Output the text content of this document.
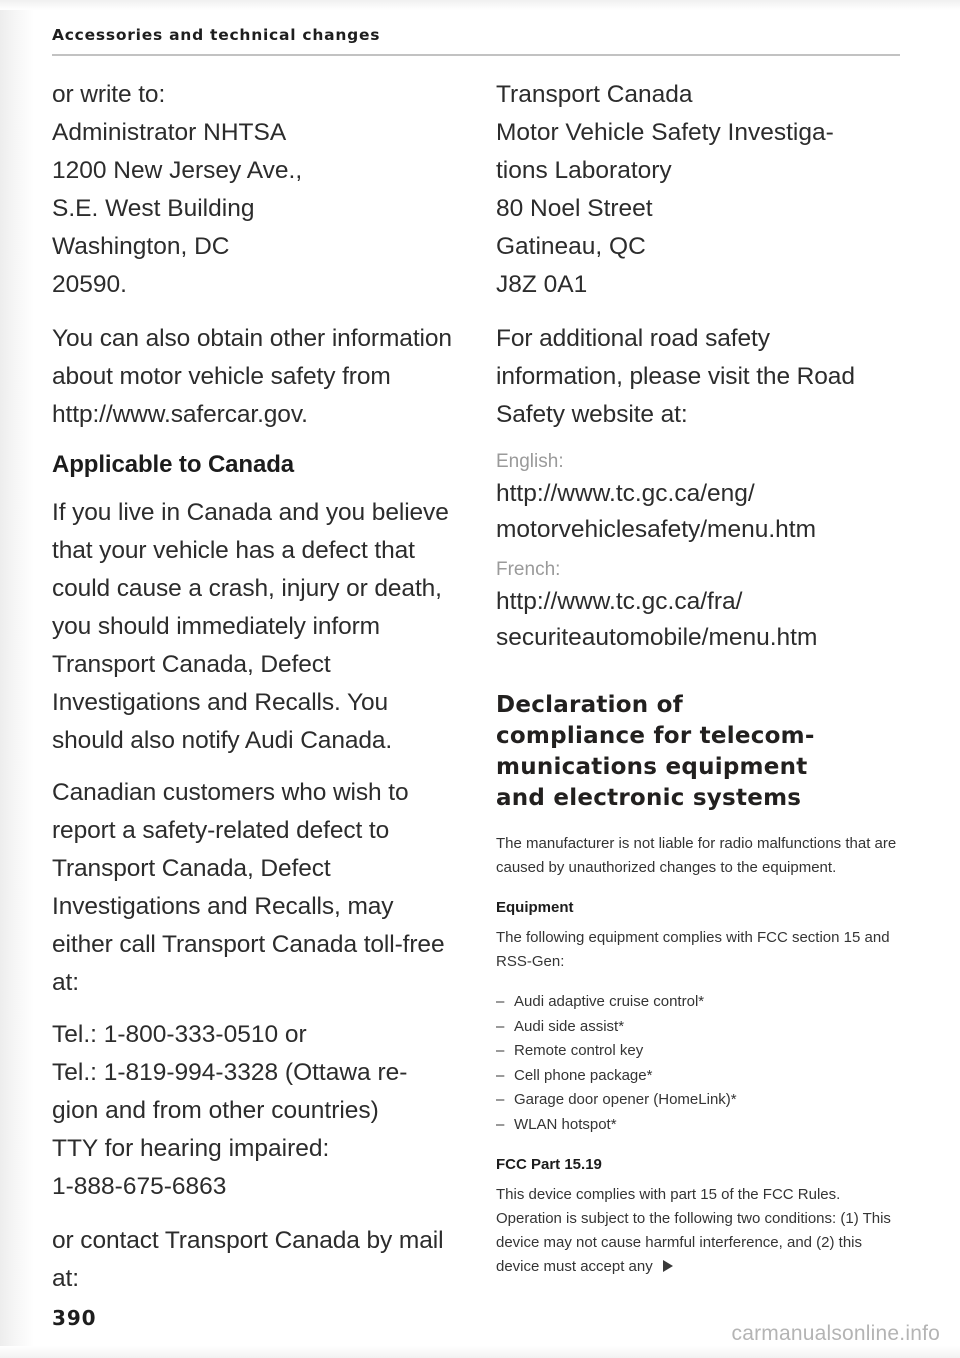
Accessories and technical changes

or write to:

Administrator NHTSA
1200 New Jersey Ave.,
S.E. West Building
Washington, DC
20590.

You can also obtain other information about motor vehicle safety from http://www.safercar.gov.

Applicable to Canada

If you live in Canada and you believe that your vehicle has a defect that could cause a crash, injury or death, you should immediately inform Transport Canada, Defect Investigations and Recalls. You should also notify Audi Canada.

Canadian customers who wish to report a safety-related defect to Transport Canada, Defect Investigations and Recalls, may either call Transport Canada toll-free at:

Tel.: 1-800-333-0510 or
Tel.: 1-819-994-3328 (Ottawa re-
gion and from other countries)
TTY for hearing impaired:
1-888-675-6863

or contact Transport Canada by mail at:

Transport Canada
Motor Vehicle Safety Investiga-
tions Laboratory
80 Noel Street
Gatineau, QC
J8Z 0A1

For additional road safety information, please visit the Road Safety website at:

English:

http://www.tc.gc.ca/eng/
motorvehiclesafety/menu.htm

French:

http://www.tc.gc.ca/fra/
securiteautomobile/menu.htm

Declaration of
compliance for telecom-
munications equipment
and electronic systems

The manufacturer is not liable for radio malfunctions that are caused by unauthorized changes to the equipment.

Equipment

The following equipment complies with FCC section 15 and RSS-Gen:

– Audi adaptive cruise control*
– Audi side assist*
– Remote control key
– Cell phone package*
– Garage door opener (HomeLink)*
– WLAN hotspot*
FCC Part 15.19

This device complies with part 15 of the FCC Rules. Operation is subject to the following two conditions: (1) This device may not cause harmful interference, and (2) this device must accept any

390
carmanualsonline.info
